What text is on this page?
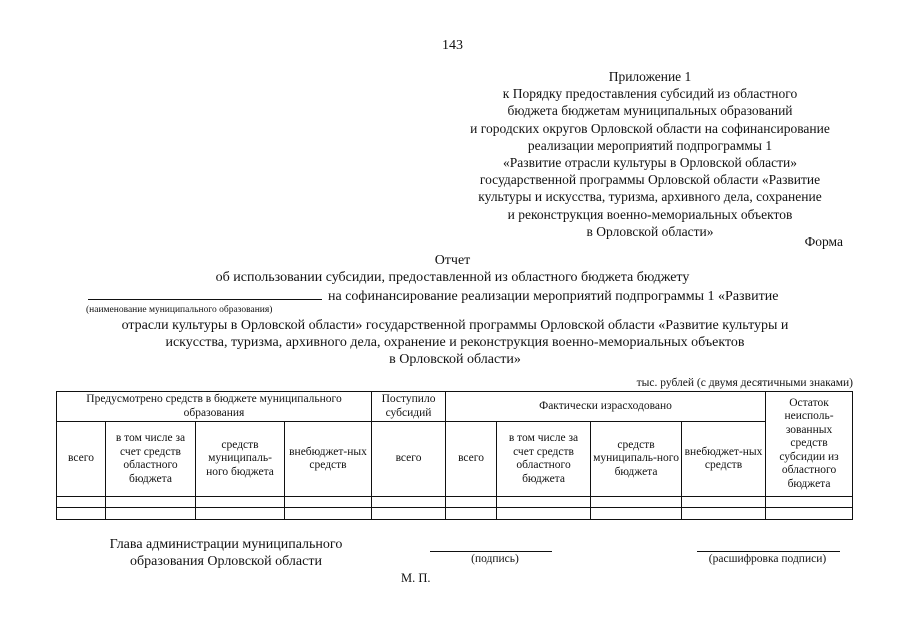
143
Приложение 1
к Порядку предоставления субсидий из областного
бюджета бюджетам муниципальных образований
и городских округов Орловской области на софинансирование
реализации мероприятий подпрограммы 1
«Развитие отрасли культуры в Орловской области»
государственной программы Орловской области «Развитие
культуры и искусства, туризма, архивного дела, сохранение
и реконструкция военно-мемориальных объектов
в Орловской области»
Форма
Отчет
об использовании субсидии, предоставленной из областного бюджета бюджету
на софинансирование реализации мероприятий подпрограммы 1 «Развитие
(наименование муниципального образования)
отрасли культуры в Орловской области» государственной программы Орловской области «Развитие культуры и
искусства, туризма, архивного дела, охранение и реконструкция военно-мемориальных объектов
в Орловской области»
тыс. рублей (с двумя десятичными знаками)
Предусмотрено средств в бюджете муниципального образования				Поступило субсидий	Фактически израсходовано				Остаток неисполь-зованных средств субсидии из областного бюджета
всего	в том числе за счет средств областного бюджета	средств муниципаль-ного бюджета	внебюджет-ных средств	всего	всего	в том числе за счет средств областного бюджета	средств муниципаль-ного бюджета	внебюджет-ных средств	

Глава администрации муниципального
образования Орловской области	(подпись)	(расшифровка подписи)
М. П.
